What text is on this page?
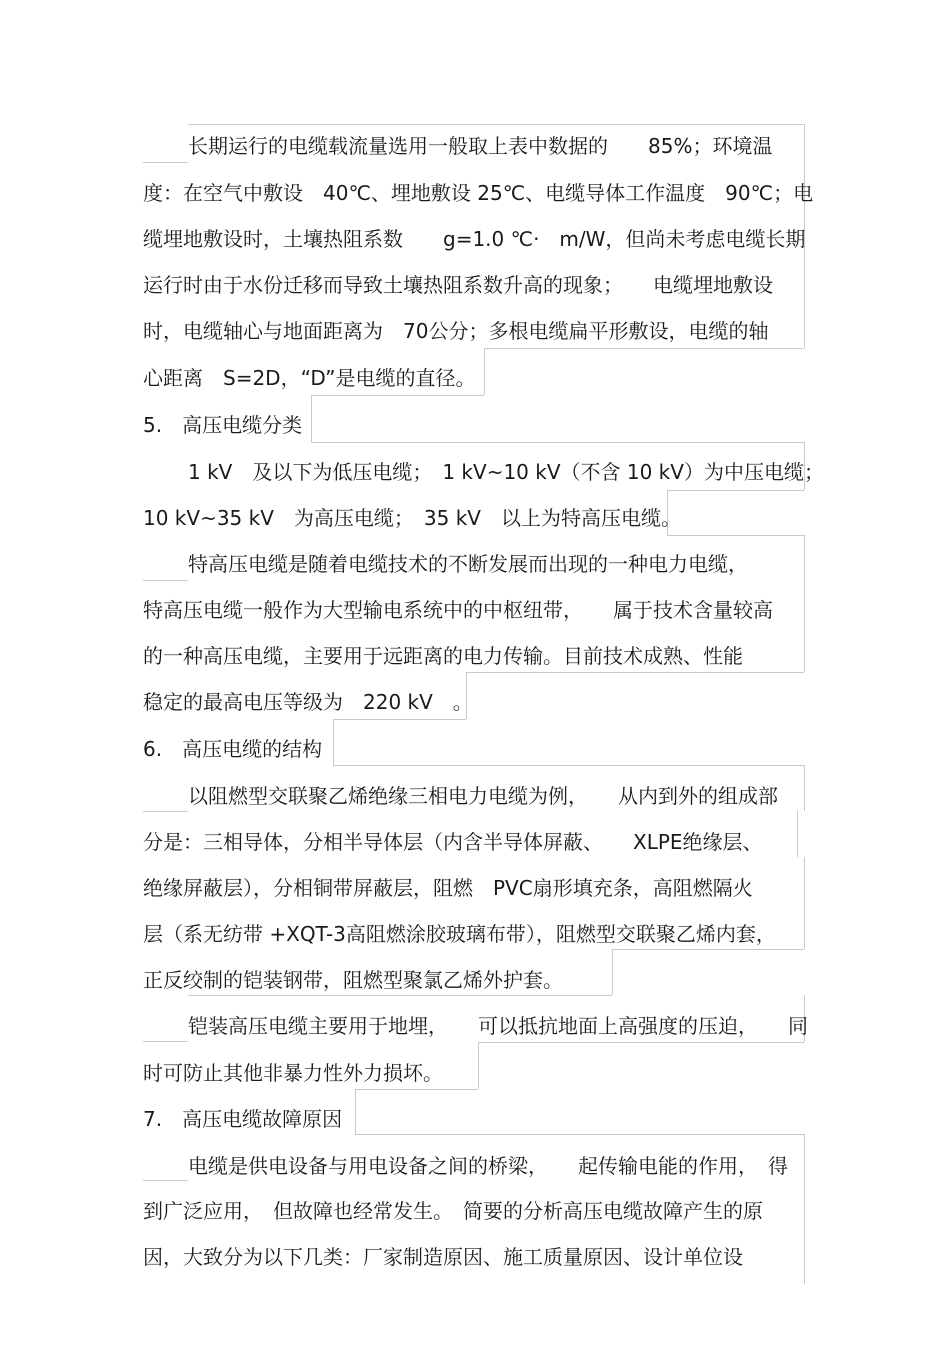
长期运行的电缆载流量选用一般取上表中数据的　　85%；环境温
度：在空气中敷设　40℃、埋地敷设 25℃、电缆导体工作温度　90℃；电
缆埋地敷设时，土壤热阻系数　　g=1.0 ℃·　m/W，但尚未考虑电缆长期
运行时由于水份迁移而导致土壤热阻系数升高的现象；　　电缆埋地敷设
时，电缆轴心与地面距离为　70公分；多根电缆扁平形敷设，电缆的轴
心距离　S=2D，“D”是电缆的直径。
5.　高压电缆分类
1 kV　及以下为低压电缆；　1 kV~10 kV（不含 10 kV）为中压电缆；
10 kV~35 kV　为高压电缆；　35 kV　以上为特高压电缆。
特高压电缆是随着电缆技术的不断发展而出现的一种电力电缆，
特高压电缆一般作为大型输电系统中的中枢纽带，　　属于技术含量较高
的一种高压电缆，主要用于远距离的电力传输。目前技术成熟、性能
稳定的最高电压等级为　220 kV　。
6.　高压电缆的结构
以阻燃型交联聚乙烯绝缘三相电力电缆为例，　　从内到外的组成部
分是：三相导体，分相半导体层（内含半导体屏蔽、　　XLPE绝缘层、
绝缘屏蔽层），分相铜带屏蔽层，阻燃　PVC扇形填充条，高阻燃隔火
层（系无纺带 +XQT-3高阻燃涂胶玻璃布带），阻燃型交联聚乙烯内套，
正反绞制的铠装钢带，阻燃型聚氯乙烯外护套。
铠装高压电缆主要用于地埋，　　可以抵抗地面上高强度的压迫，　　同
时可防止其他非暴力性外力损坏。
7.　高压电缆故障原因
电缆是供电设备与用电设备之间的桥梁，　　起传输电能的作用，　得
到广泛应用，　但故障也经常发生。　简要的分析高压电缆故障产生的原
因，大致分为以下几类：厂家制造原因、施工质量原因、设计单位设
